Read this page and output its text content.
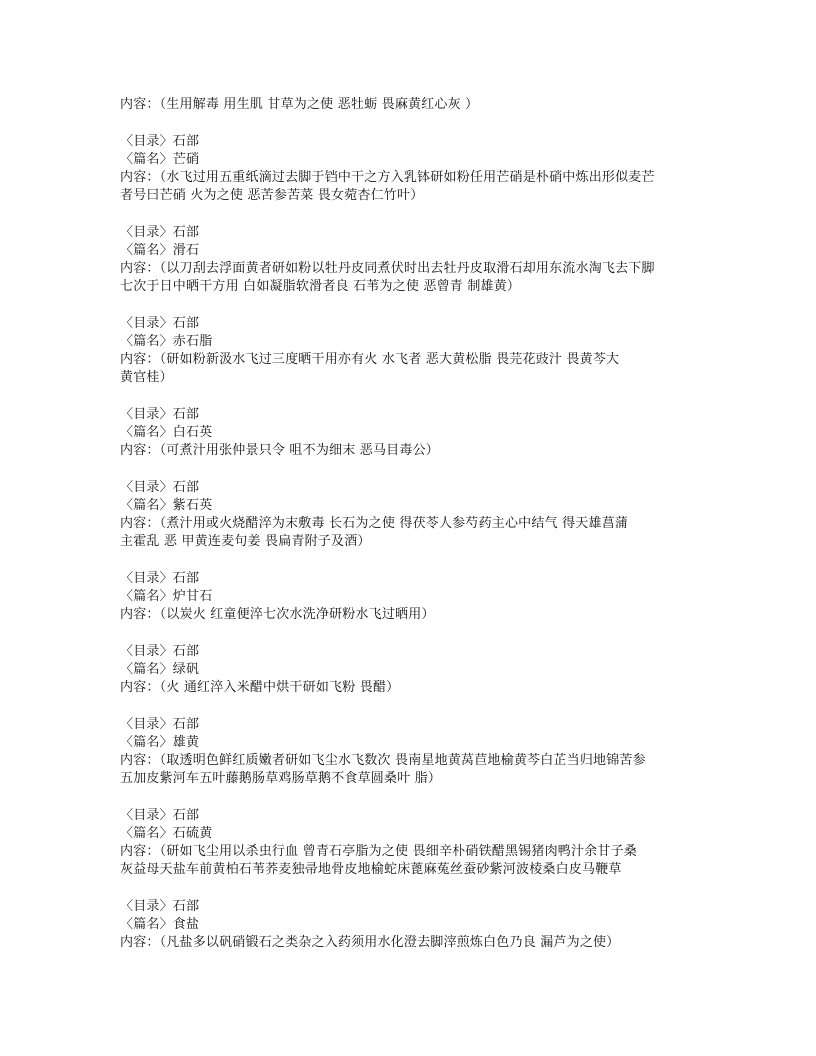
内容：（生用解毒 用生肌 甘草为之使 恶牡蛎 畏麻黄红心灰 ）
〈目录〉石部
〈篇名〉芒硝
内容：（水飞过用五重纸滴过去脚于铛中干之方入乳钵研如粉任用芒硝是朴硝中炼出形似麦芒
者号曰芒硝 火为之使 恶苦参苦菜 畏女菀杏仁竹叶）
〈目录〉石部
〈篇名〉滑石
内容：（以刀刮去浮面黄者研如粉以牡丹皮同煮伏时出去牡丹皮取滑石却用东流水淘飞去下脚
七次于日中晒干方用 白如凝脂软滑者良 石苇为之使 恶曾青 制雄黄）
〈目录〉石部
〈篇名〉赤石脂
内容：（研如粉新汲水飞过三度晒干用亦有火 水飞者 恶大黄松脂 畏芫花豉汁 畏黄芩大
黄官桂）
〈目录〉石部
〈篇名〉白石英
内容：（可煮汁用张仲景只令 咀不为细末 恶马目毒公）
〈目录〉石部
〈篇名〉紫石英
内容：（煮汁用或火烧醋淬为末敷毒 长石为之使 得茯苓人参芍药主心中结气 得天雄菖蒲
主霍乱 恶 甲黄连麦句姜 畏扁青附子及酒）
〈目录〉石部
〈篇名〉炉甘石
内容：（以炭火 红童便淬七次水洗净研粉水飞过晒用）
〈目录〉石部
〈篇名〉绿矾
内容：（火 通红淬入米醋中烘干研如飞粉 畏醋）
〈目录〉石部
〈篇名〉雄黄
内容：（取透明色鲜红质嫩者研如飞尘水飞数次 畏南星地黄莴苣地榆黄芩白芷当归地锦苦参
五加皮紫河车五叶藤鹅肠草鸡肠草鹅不食草圆桑叶 脂）
〈目录〉石部
〈篇名〉石硫黄
内容：（研如飞尘用以杀虫行血 曾青石亭脂为之使 畏细辛朴硝铁醋黑锡猪肉鸭汁余甘子桑
灰益母天盐车前黄柏石苇荞麦独帚地骨皮地榆蛇床蓖麻菟丝蚕砂紫河波棱桑白皮马鞭草
〈目录〉石部
〈篇名〉食盐
内容：（凡盐多以矾硝锻石之类杂之入药须用水化澄去脚滓煎炼白色乃良 漏芦为之使）
